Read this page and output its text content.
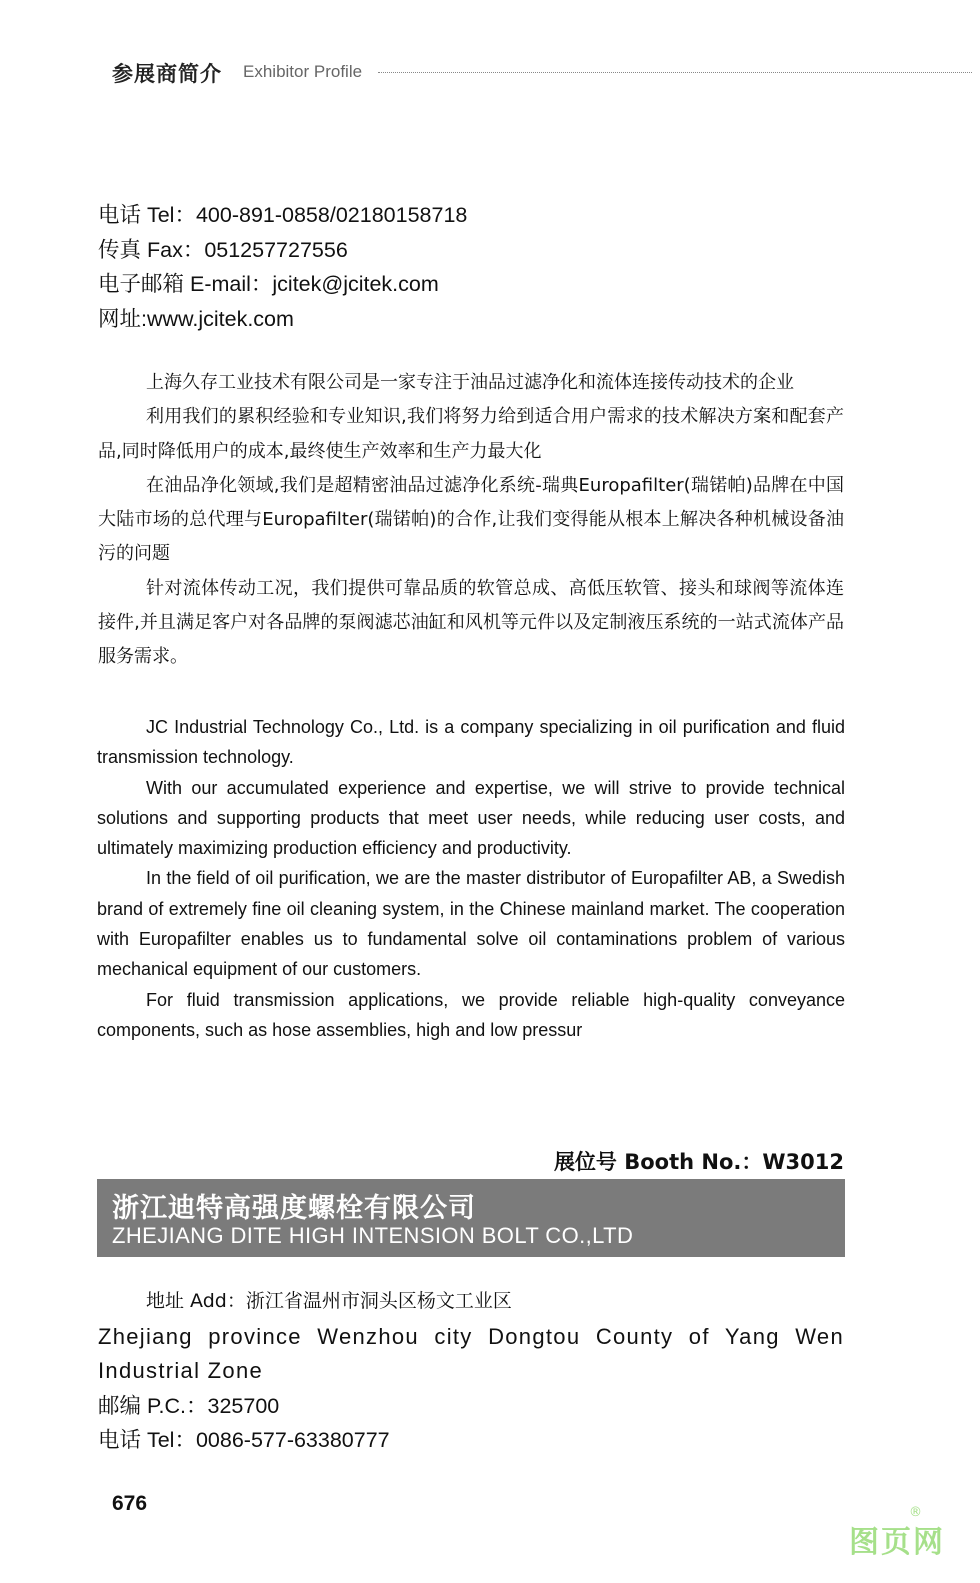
参展商简介 Exhibitor Profile
电话 Tel：400-891-0858/02180158718
传真 Fax：051257727556
电子邮箱 E-mail：jcitek@jcitek.com
网址:www.jcitek.com

上海久存工业技术有限公司是一家专注于油品过滤净化和流体连接传动技术的企业

利用我们的累积经验和专业知识,我们将努力给到适合用户需求的技术解决方案和配套产品,同时降低用户的成本,最终使生产效率和生产力最大化

在油品净化领域,我们是超精密油品过滤净化系统-瑞典Europafilter(瑞锘帕)品牌在中国大陆市场的总代理与Europafilter(瑞锘帕)的合作,让我们变得能从根本上解决各种机械设备油污的问题

针对流体传动工况，我们提供可靠品质的软管总成、高低压软管、接头和球阀等流体连接件,并且满足客户对各品牌的泵阀滤芯油缸和风机等元件以及定制液压系统的一站式流体产品服务需求。

JC Industrial Technology Co., Ltd. is a company specializing in oil purification and fluid transmission technology.

With our accumulated experience and expertise, we will strive to provide technical solutions and supporting products that meet user needs, while reducing user costs, and ultimately maximizing production efficiency and productivity.

In the field of oil purification, we are the master distributor of Europafilter AB, a Swedish brand of extremely fine oil cleaning system, in the Chinese mainland market. The cooperation with Europafilter enables us to fundamental solve oil contaminations problem of various mechanical equipment of our customers.

For fluid transmission applications, we provide reliable high-quality conveyance components, such as hose assemblies, high and low pressur

展位号 Booth No.：W3012
浙江迪特高强度螺栓有限公司
ZHEJIANG DITE HIGH INTENSION BOLT CO.,LTD
地址 Add：浙江省温州市洞头区杨文工业区
Zhejiang province Wenzhou city Dongtou County of Yang Wen Industrial Zone
邮编 P.C.：325700
电话 Tel：0086-577-63380777
676
图页网
®
